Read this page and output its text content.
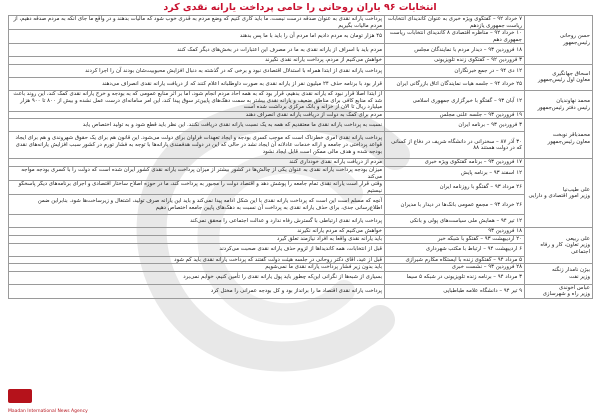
انتخابات ۹۶ باران روحانی را حامی پرداخت یارانه نقدی کرد
حسن روحانی
رئیس‌جمهور	۷ خرداد ۹۲ – گفتگوی ویژه خبری به عنوان کاندیدای انتخابات ریاست جمهوری یازدهم	پرداخت یارانه نقدی به عنوان صدقه درست نیست، ما باید کاری کنیم که وضع مردم به قدری خوب شود که مالیات بدهند و در واقع ما جای آنکه به مردم صدقه دهیم، از مردم مالیات بگیریم
	۱۰ خرداد ۹۲ – مناظره اقتصادی ۸ کاندیدای انتخابات ریاست جمهوری دهم	۴۵ هزار تومان به مردم دادیم اما مردم آن را باید با ما پس بدهند
	۱۸ فروردین ۹۳ – دیدار مردم با نمایندگان مجلس	مردم باید با اسراف از یارانه نقدی به ما در مصرف این اعتبارات در بخش‌های دیگر کمک کنند
	۳ فروردین ۹۲ – گفتگوی زنده تلویزیونی	خواهش می‌کنیم از مردم، پرداخت یارانه نقدی نگیرند
اسحاق جهانگیری
معاون اول رئیس‌جمهور	۱۲ دی ۹۴ – در جمع خبرنگاران	پرداخت یارانه نقدی از ابتدا همراه با استدلال اقتصادی نبود و برخی که در گذشته به دنبال افزایش محبوبیت‌شان بودند آن را اجرا کردند
	۲۵ خرداد ۹۴ – جلسه هیات نمایندگان اتاق بازرگانی ایران	قرار بود با برنامه حذف ۲۴ میلیون نفر از یارانه نقدی به صورت داوطلبانه اعلام کنند که از دریافت یارانه نقدی انصراف می‌دهند
محمد نهاوندیان
رئیس دفتر رئیس‌جمهور	۱۲ آبان ۹۳ – گفتگو با خبرگزاری جمهوری اسلامی	از ابتدا اصلاً قرار نبود که یارانه نقدی بدهیم، قرار بود که به همه آحاد مردم انجام شود، اما بر اثر منابع عمومی که به بودجه و خرج یارانه نقدی کمک کند، این روند باعث شد که منابع کافی برای مناطق ضعیف و یارانه نقدی بیشتر به سمت دهک‌های پایین‌تر سوق پیدا کند، این امر سامانه‌ای درست عمل نشده و بیش از ۸۰۰ تا ۹۰۰ هزار میلیارد ریال تا الان از خزانه و بانک مرکزی برداشت شده است
	۱۹ فروردین ۹۳ – جلسه علنی مجلس	مردم برای کمک به دولت از دریافت یارانه نقدی انصراف دهند
محمدباقر نوبخت
معاون رئیس‌جمهور	۳ فروردین ۹۳ – برنامه ایران	نسبت به پرداخت یارانه نقدی ما معتقدیم که همه به یک نسبت یارانه نقدی دریافت نکنند. این نظر باید قطع شود و به تولید اختصاص یابد
	۳۰ آذر ۸۷ – سخنرانی در دانشگاه شریف در دفاع از کسانی که در دولت هستند ۸۸	پرداخت یارانه نقدی امری خطرناک است که موجب کسری بودجه و ایجاد تعهدات فراوان برای دولت می‌شود. این قانون هم برای یک حقوق شهروندی و هم برای ایجاد قواعد پرداختی در جامعه و ارائه خدمات عادلانه آن ایجاد نشد در حالی که این در دولت هدفمندی یارانه‌ها با توجه به فشار تورم در کشور سبب افزایش یارانه‌های نقدی بودجه شده و هدف مالی ممکن است قابل ایجاد نشود
علی طیب‌نیا
وزیر امور اقتصادی و دارایی	۱۷ فروردین ۹۳ – برنامه گفتگوی ویژه خبری	مردم از دریافت یارانه نقدی خودداری کنند
	۱۲ اسفند ۹۳ – برنامه پایش	میزان بودجه پرداخت یارانه نقدی به عنوان یکی از چالش‌ها در کشور بیشتر از میزان پرداخت یارانه نقدی کشور ایران شده است که دولت را با کسری بودجه مواجه می‌کند
	۲۶ مرداد ۹۳ – گفتگو با روزنامه ایران	وقتی قرار است یارانه نقدی تمام جامعه را پوشش دهد و اقتصاد دولت را مجبور به پرداخت کند، ما در حوزه اصلاح ساختار اقتصادی و اجرای برنامه‌های دیگر پاسخگو نیستیم
	۲۶ خرداد ۹۳ – مجمع عمومی بانک‌ها در دیدار با مدیران	آنچه که مسلم است این است که پرداخت یارانه نقدی با این شکل ادامه پیدا نمی‌کند و باید این یارانه صرف تولید، اشتغال و زیرساخت‌ها شود. بنابراین ضمن اطلاع‌رسانی جدی، برای حذف یارانه نقدی به پرداخت آن نسبت به دهک‌های پایین جامعه اختصاص دهیم
	۱۲ تیر ۹۴ – همایش ملی سیاست‌های پولی و بانکی	پرداخت یارانه نقدی ارتباطی با گسترش رفاه ندارد و عدالت اجتماعی را محقق نمی‌کند
علی ربیعی
وزیر تعاون، کار و رفاه اجتماعی	۱۸ فروردین ۹۳	خواهش می‌کنیم که مردم یارانه نگیرند
	۲۰ اردیبهشت ۹۳ – گفتگو با شبکه خبر	باید یارانه نقدی واقعاً به افراد نیازمند تعلق گیرد
	۶ اردیبهشت ۹۴ – ارتباط با مکتب شهرداری	قبل از انتخابات، همه کاندیداها از لزوم حذف یارانه نقدی صحبت می‌کردند
	۵ مرداد ۹۴ – گفتگوی زنده با ایستگاه مکارم شیرازی	قبل از عید، آقای دکتر روحانی در جلسه هیئت دولت گفتند که پرداخت یارانه نقدی باید کم شود
بیژن نامدار زنگنه
وزیر نفت	۲۸ فروردین ۹۳ – نشست خبری	باید بدون زیر فشار پرداخت یارانه نقدی ما نمی‌شویم
	۳ مرداد ۹۴ – برنامه زنده تلویزیونی در شبکه ۵ سیما	بسیاری از شبه‌ها از نگرانی این‌که چطور باید پول یارانه نقدی را تأمین کنیم، خوابم نمی‌برد
عباس آخوندی
وزیر راه و شهرسازی	۹ تیر ۹۴ – دانشگاه علامه طباطبایی	پرداخت یارانه نقدی اقتصاد ما را برانداز بود و کل بودجه عمرانی را مختل کرد
Maadan International News Agency
